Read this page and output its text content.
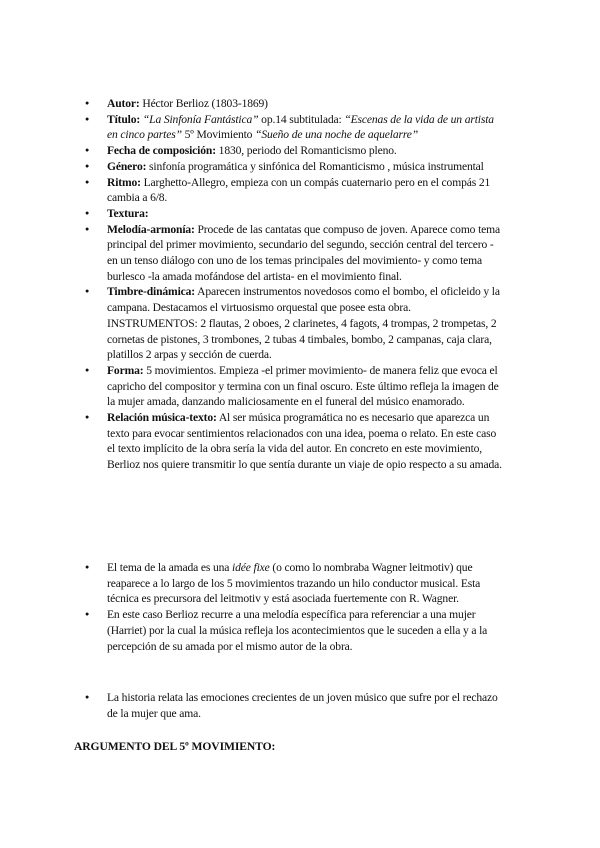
● Autor: Héctor Berlioz (1803-1869)
● Título: “La Sinfonía Fantástica” op.14 subtitulada: “Escenas de la vida de un artista en cinco partes” 5º Movimiento “Sueño de una noche de aquelarre”
● Fecha de composición: 1830, periodo del Romanticismo pleno.
● Género: sinfonía programática y sinfónica del Romanticismo , música instrumental
● Ritmo: Larghetto-Allegro, empieza con un compás cuaternario pero en el compás 21 cambia a 6/8.
● Textura:
● Melodía-armonía: Procede de las cantatas que compuso de joven. Aparece como tema principal del primer movimiento, secundario del segundo, sección central del tercero -en un tenso diálogo con uno de los temas principales del movimiento- y como tema burlesco -la amada mofándose del artista- en el movimiento final.
● Timbre-dinámica: Aparecen instrumentos novedosos como el bombo, el oficleido y la campana. Destacamos el virtuosismo orquestal que posee esta obra. INSTRUMENTOS: 2 flautas, 2 oboes, 2 clarinetes, 4 fagots, 4 trompas, 2 trompetas, 2 cornetas de pistones, 3 trombones, 2 tubas 4 timbales, bombo, 2 campanas, caja clara, platillos 2 arpas y sección de cuerda.
● Forma: 5 movimientos. Empieza -el primer movimiento- de manera feliz que evoca el capricho del compositor y termina con un final oscuro. Este último refleja la imagen de la mujer amada, danzando maliciosamente en el funeral del músico enamorado.
● Relación música-texto: Al ser música programática no es necesario que aparezca un texto para evocar sentimientos relacionados con una idea, poema o relato. En este caso el texto implícito de la obra sería la vida del autor. En concreto en este movimiento, Berlioz nos quiere transmitir lo que sentía durante un viaje de opio respecto a su amada.
● El tema de la amada es una idée fixe (o como lo nombraba Wagner leitmotiv) que reaparece a lo largo de los 5 movimientos trazando un hilo conductor musical. Esta técnica es precursora del leitmotiv y está asociada fuertemente con R. Wagner.
● En este caso Berlioz recurre a una melodía específica para referenciar a una mujer (Harriet) por la cual la música refleja los acontecimientos que le suceden a ella y a la percepción de su amada por el mismo autor de la obra.
● La historia relata las emociones crecientes de un joven músico que sufre por el rechazo de la mujer que ama.
ARGUMENTO DEL 5º MOVIMIENTO:
